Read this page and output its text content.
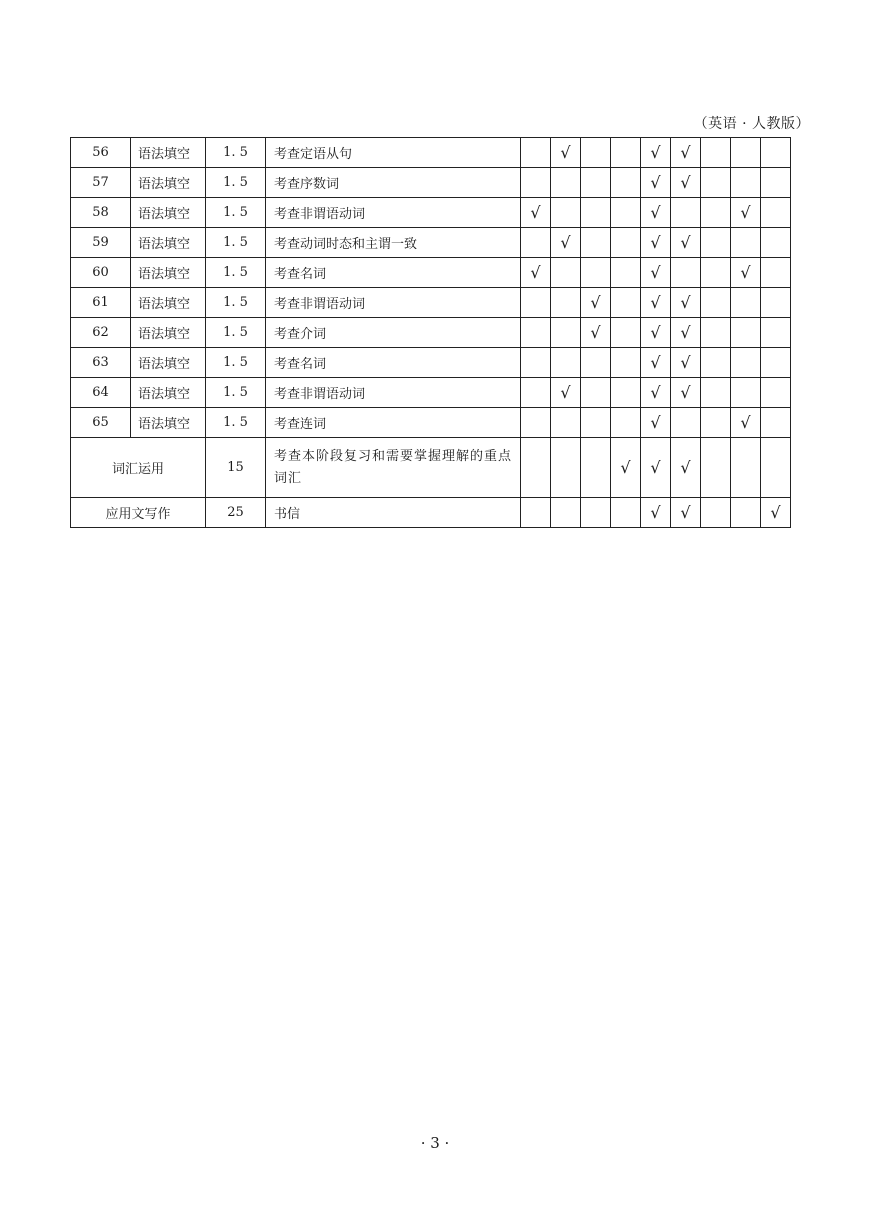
（英语 · 人教版）
56	语法填空	1. 5	考查定语从句		√			√	√			
57	语法填空	1. 5	考查序数词					√	√			
58	语法填空	1. 5	考查非谓语动词	√				√			√	
59	语法填空	1. 5	考查动词时态和主谓一致		√			√	√			
60	语法填空	1. 5	考查名词	√				√			√	
61	语法填空	1. 5	考查非谓语动词			√		√	√			
62	语法填空	1. 5	考查介词			√		√	√			
63	语法填空	1. 5	考查名词					√	√			
64	语法填空	1. 5	考查非谓语动词		√			√	√			
65	语法填空	1. 5	考查连词					√			√	
词汇运用		15	考查本阶段复习和需要掌握理解的重点词汇				√	√	√			
应用文写作		25	书信					√	√			√
· 3 ·
